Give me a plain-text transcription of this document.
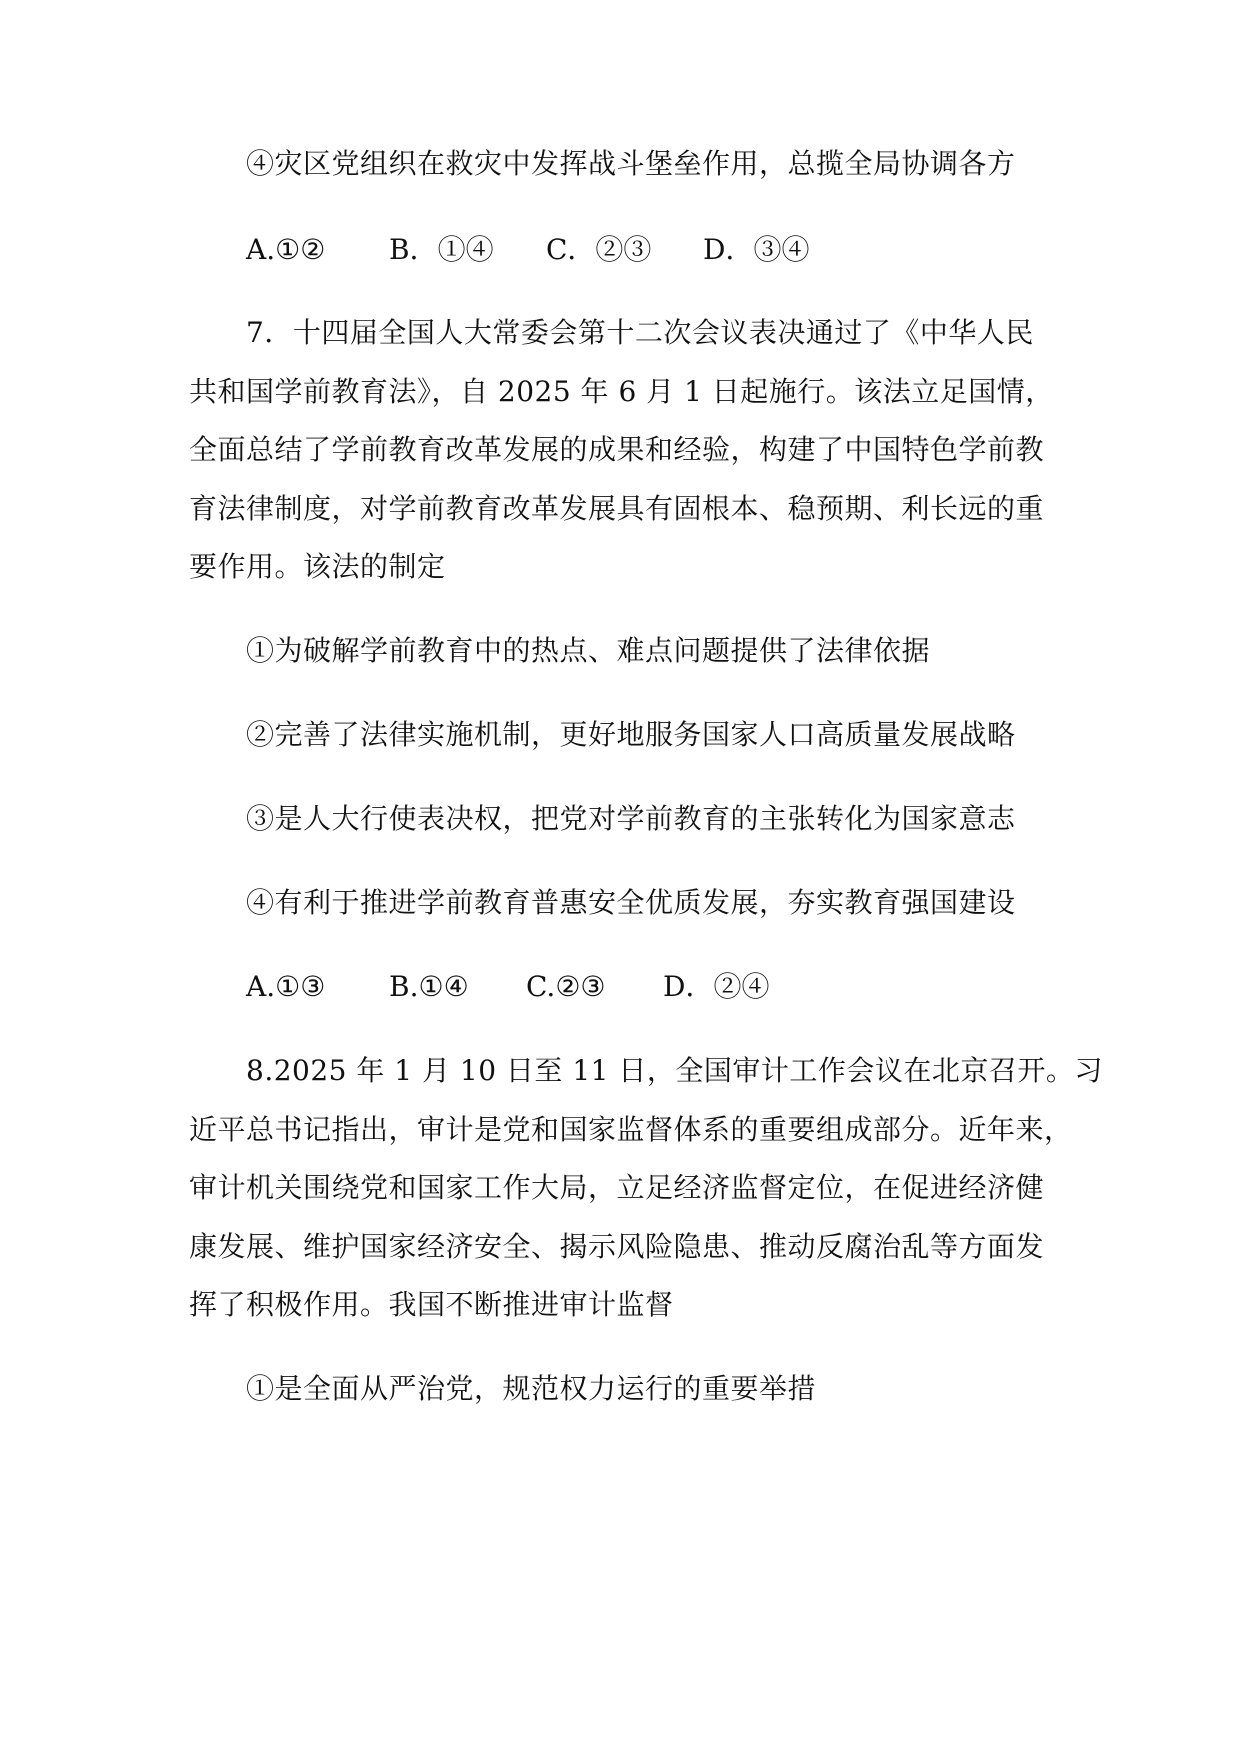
④灾区党组织在救灾中发挥战斗堡垒作用，总揽全局协调各方
A.①② B．①④ C．②③ D．③④
7．十四届全国人大常委会第十二次会议表决通过了《中华人民
共和国学前教育法》，自 2025 年 6 月 1 日起施行。该法立足国情，
全面总结了学前教育改革发展的成果和经验，构建了中国特色学前教
育法律制度，对学前教育改革发展具有固根本、稳预期、利长远的重
要作用。该法的制定
①为破解学前教育中的热点、难点问题提供了法律依据
②完善了法律实施机制，更好地服务国家人口高质量发展战略
③是人大行使表决权，把党对学前教育的主张转化为国家意志
④有利于推进学前教育普惠安全优质发展，夯实教育强国建设
A.①③ B.①④ C.②③ D．②④
8.2025 年 1 月 10 日至 11 日，全国审计工作会议在北京召开。习
近平总书记指出，审计是党和国家监督体系的重要组成部分。近年来，
审计机关围绕党和国家工作大局，立足经济监督定位，在促进经济健
康发展、维护国家经济安全、揭示风险隐患、推动反腐治乱等方面发
挥了积极作用。我国不断推进审计监督
①是全面从严治党，规范权力运行的重要举措
